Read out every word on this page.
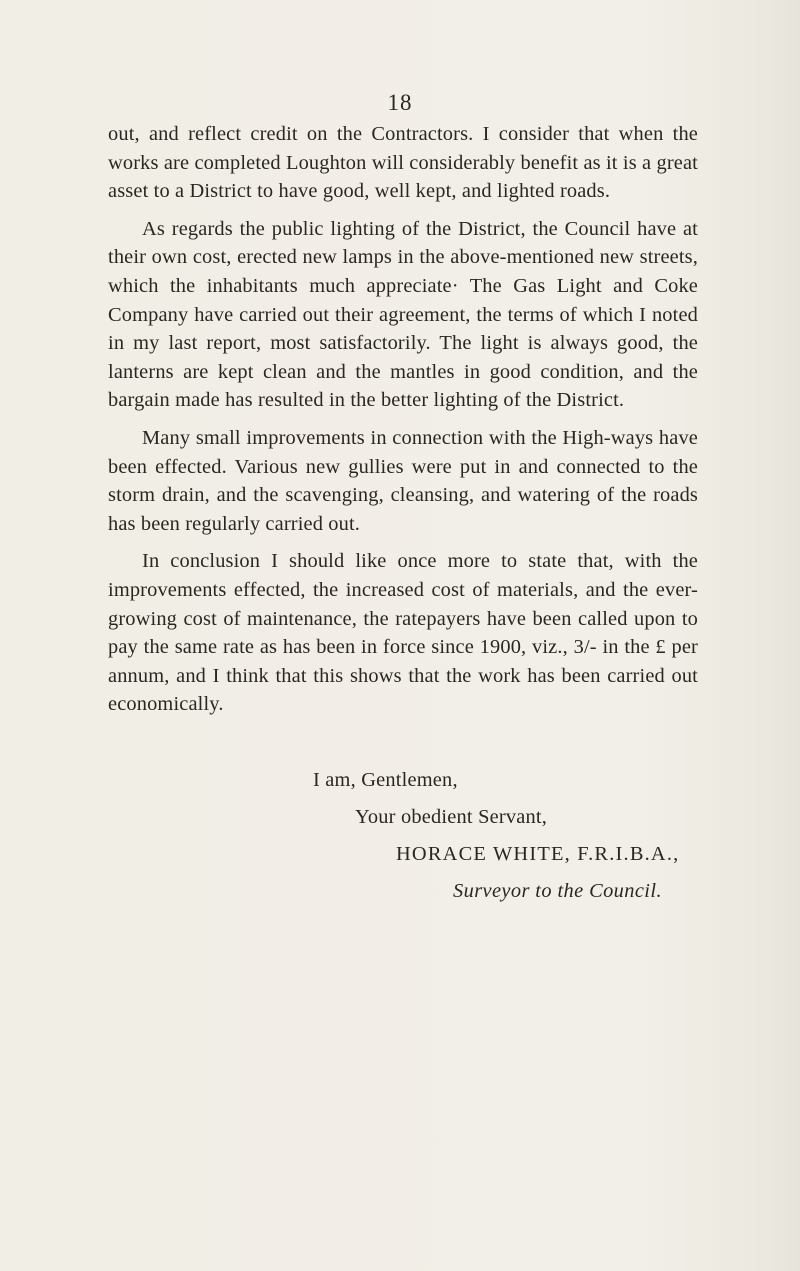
18

out, and reflect credit on the Contractors. I consider that when the works are completed Loughton will considerably benefit as it is a great asset to a District to have good, well kept, and lighted roads.

As regards the public lighting of the District, the Council have at their own cost, erected new lamps in the above-mentioned new streets, which the inhabitants much appreciate· The Gas Light and Coke Company have carried out their agreement, the terms of which I noted in my last report, most satisfactorily. The light is always good, the lanterns are kept clean and the mantles in good condition, and the bargain made has resulted in the better lighting of the District.

Many small improvements in connection with the High-ways have been effected. Various new gullies were put in and connected to the storm drain, and the scavenging, cleansing, and watering of the roads has been regularly carried out.

In conclusion I should like once more to state that, with the improvements effected, the increased cost of materials, and the ever-growing cost of maintenance, the ratepayers have been called upon to pay the same rate as has been in force since 1900, viz., 3/- in the £ per annum, and I think that this shows that the work has been carried out economically.

I am, Gentlemen,
Your obedient Servant,
HORACE WHITE, F.R.I.B.A.,
Surveyor to the Council.
